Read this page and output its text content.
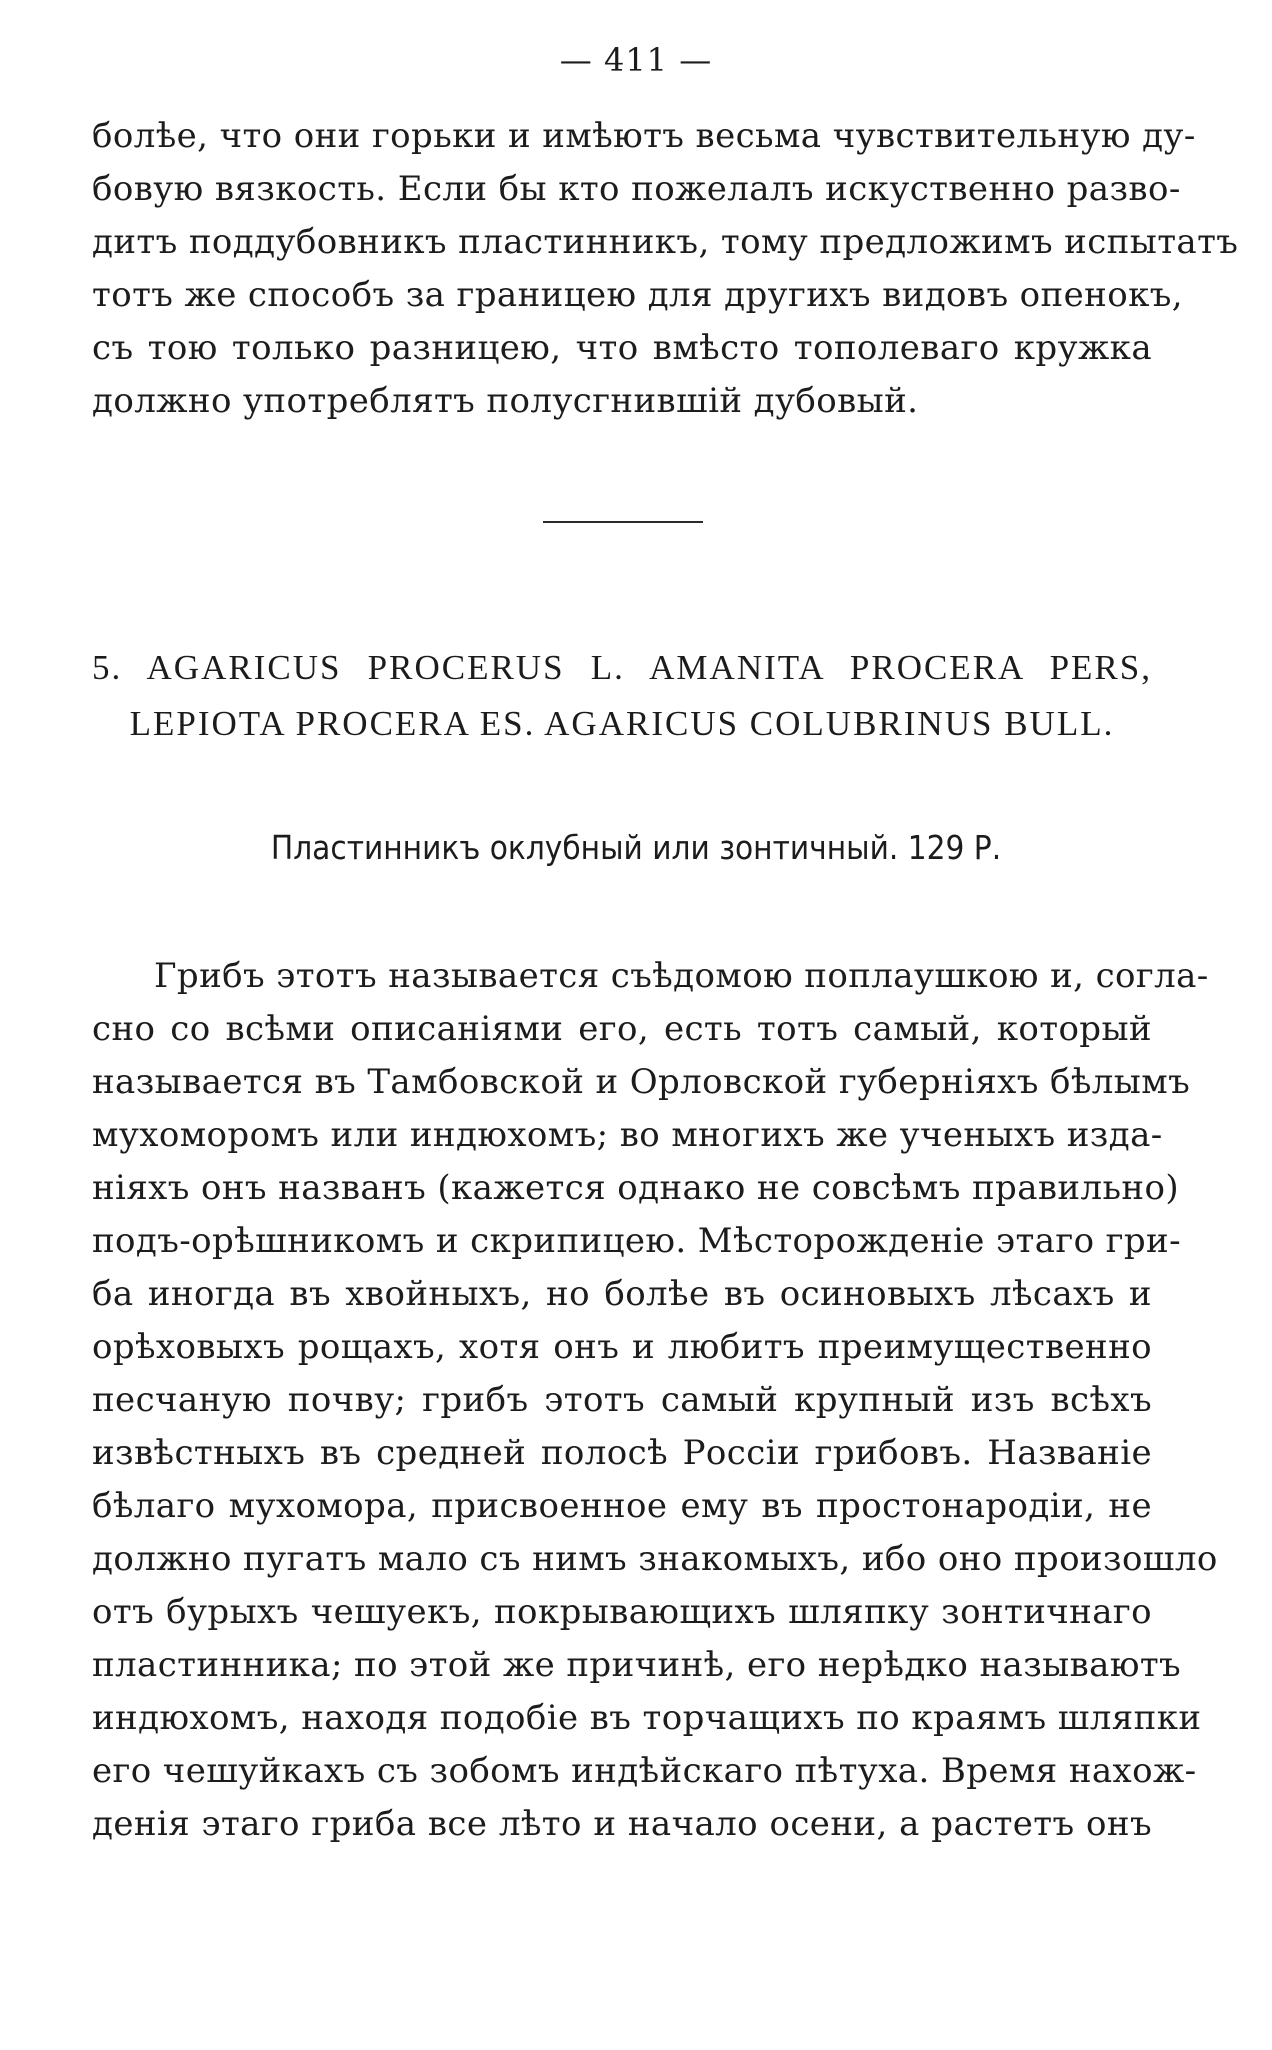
— 411 —
болѣе, что они горьки и имѣютъ весьма чувствительную ду-
бовую вязкость. Если бы кто пожелалъ искуственно разво-
дитъ поддубовникъ пластинникъ, тому предложимъ испытатъ
тотъ же способъ за границею для другихъ видовъ опенокъ,
съ тою только разницею, что вмѣсто тополеваго кружка
должно употреблятъ полусгнившій дубовый.
5. AGARICUS PROCERUS L. AMANITA PROCERA PERS,
LEPIOTA PROCERA ES. AGARICUS COLUBRINUS BULL.
Пластинникъ оклубный или зонтичный. 129 Р.
Грибъ этотъ называется съѣдомою поплаушкою и, согла-
сно со всѣми описаніями его, есть тотъ самый, который
называется въ Тамбовской и Орловской губерніяхъ бѣлымъ
мухоморомъ или индюхомъ; во многихъ же ученыхъ изда-
ніяхъ онъ названъ (кажется однако не совсѣмъ правильно)
подъ-орѣшникомъ и скрипицею. Мѣсторожденіе этаго гри-
ба иногда въ хвойныхъ, но болѣе въ осиновыхъ лѣсахъ и
орѣховыхъ рощахъ, хотя онъ и любитъ преимущественно
песчаную почву; грибъ этотъ самый крупный изъ всѣхъ
извѣстныхъ въ средней полосѣ Россіи грибовъ. Названіе
бѣлаго мухомора, присвоенное ему въ простонародіи, не
должно пугатъ мало съ нимъ знакомыхъ, ибо оно произошло
отъ бурыхъ чешуекъ, покрывающихъ шляпку зонтичнаго
пластинника; по этой же причинѣ, его нерѣдко называютъ
индюхомъ, находя подобіе въ торчащихъ по краямъ шляпки
его чешуйкахъ съ зобомъ индѣйскаго пѣтуха. Время нахож-
денія этаго гриба все лѣто и начало осени, а растетъ онъ
